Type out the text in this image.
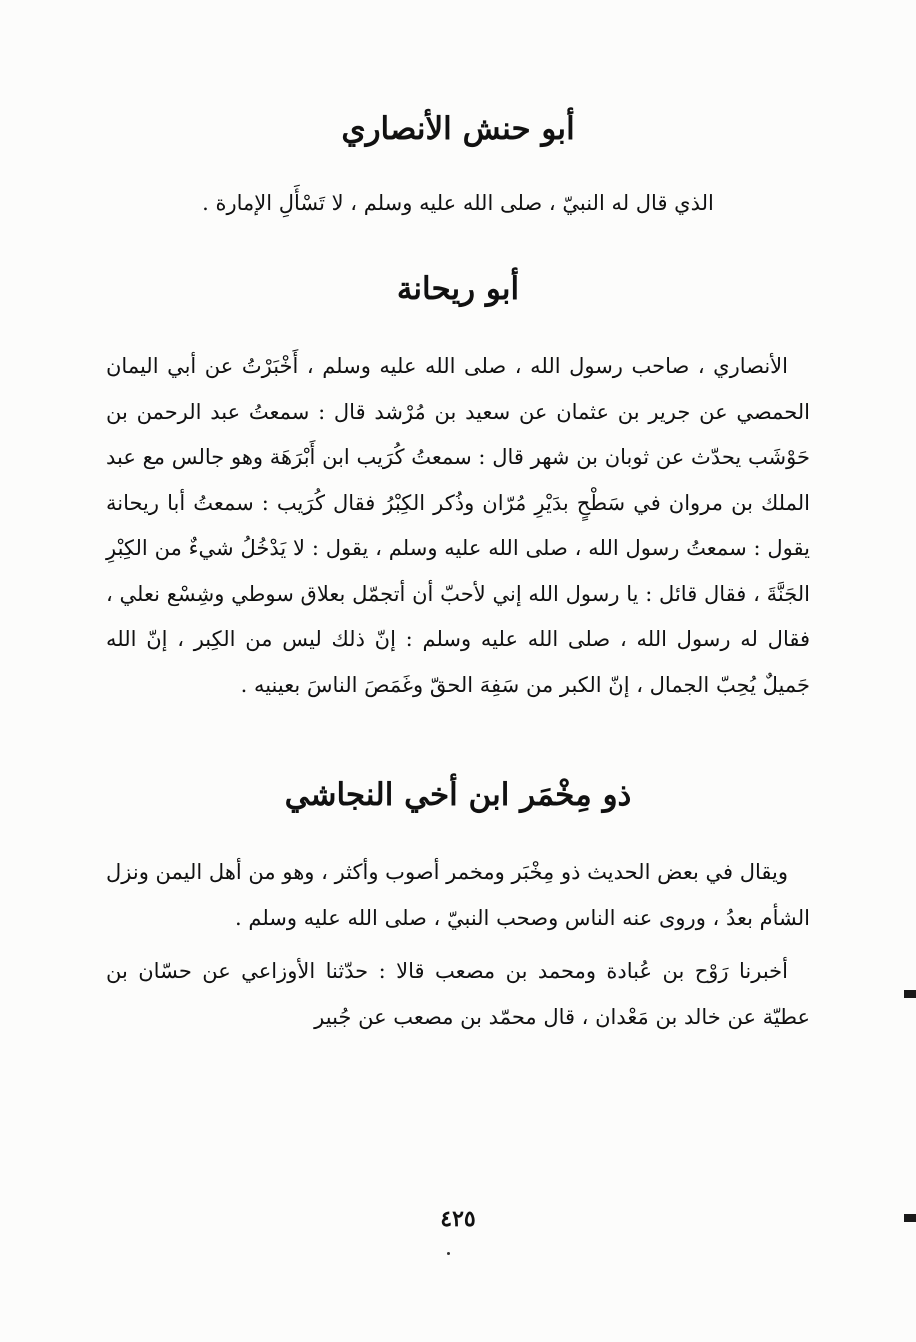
أبو حنش الأنصاري

الذي قال له النبيّ ، صلى الله عليه وسلم ، لا تَسْأَلِ الإمارة .

أبو ريحانة

الأنصاري ، صاحب رسول الله ، صلى الله عليه وسلم ، أَخْبَرْتُ عن أبي اليمان الحمصي عن جرير بن عثمان عن سعيد بن مُرْشد قال : سمعتُ عبد الرحمن بن حَوْشَب يحدّث عن ثوبان بن شهر قال : سمعتُ كُرَيب ابن أَبْرَهَة وهو جالس مع عبد الملك بن مروان في سَطْحٍ بدَيْرِ مُرّان وذُكر الكِبْرُ فقال كُرَيب : سمعتُ أبا ريحانة يقول : سمعتُ رسول الله ، صلى الله عليه وسلم ، يقول : لا يَدْخُلُ شيءٌ من الكِبْرِ الجَنَّةَ ، فقال قائل : يا رسول الله إني لأحبّ أن أتجمّل بعلاق سوطي وشِسْع نعلي ، فقال له رسول الله ، صلى الله عليه وسلم : إنّ ذلك ليس من الكِبر ، إنّ الله جَميلٌ يُحِبّ الجمال ، إنّ الكبر من سَفِهَ الحقّ وغَمَصَ الناسَ بعينيه .

ذو مِخْمَر ابن أخي النجاشي

ويقال في بعض الحديث ذو مِخْبَر ومخمر أصوب وأكثر ، وهو من أهل اليمن ونزل الشأم بعدُ ، وروى عنه الناس وصحب النبيّ ، صلى الله عليه وسلم .

أخبرنا رَوْح بن عُبادة ومحمد بن مصعب قالا : حدّثنا الأوزاعي عن حسّان بن عطيّة عن خالد بن مَعْدان ، قال محمّد بن مصعب عن جُبير

٤٢٥
